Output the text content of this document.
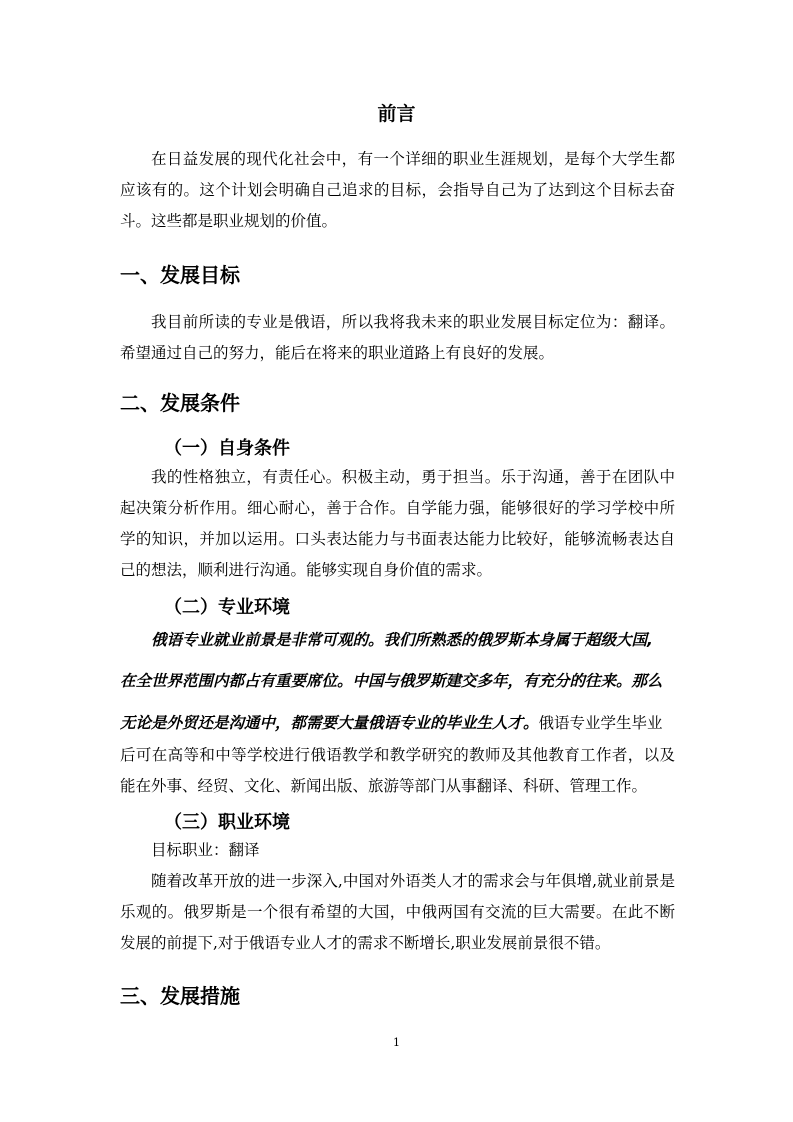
前言

在日益发展的现代化社会中，有一个详细的职业生涯规划，是每个大学生都应该有的。这个计划会明确自己追求的目标，会指导自己为了达到这个目标去奋斗。这些都是职业规划的价值。

一、发展目标

我目前所读的专业是俄语，所以我将我未来的职业发展目标定位为：翻译。希望通过自己的努力，能后在将来的职业道路上有良好的发展。

二、发展条件
（一）自身条件

我的性格独立，有责任心。积极主动，勇于担当。乐于沟通，善于在团队中起决策分析作用。细心耐心，善于合作。自学能力强，能够很好的学习学校中所学的知识，并加以运用。口头表达能力与书面表达能力比较好，能够流畅表达自己的想法，顺利进行沟通。能够实现自身价值的需求。

（二）专业环境

俄语专业就业前景是非常可观的。我们所熟悉的俄罗斯本身属于超级大国,

在全世界范围内都占有重要席位。中国与俄罗斯建交多年，有充分的往来。那么

无论是外贸还是沟通中，都需要大量俄语专业的毕业生人才。俄语专业学生毕业

后可在高等和中等学校进行俄语教学和教学研究的教师及其他教育工作者，以及能在外事、经贸、文化、新闻出版、旅游等部门从事翻译、科研、管理工作。

（三）职业环境

目标职业：翻译

随着改革开放的进一步深入,中国对外语类人才的需求会与年俱增,就业前景是乐观的。俄罗斯是一个很有希望的大国，中俄两国有交流的巨大需要。在此不断发展的前提下,对于俄语专业人才的需求不断增长,职业发展前景很不错。

三、发展措施
1
